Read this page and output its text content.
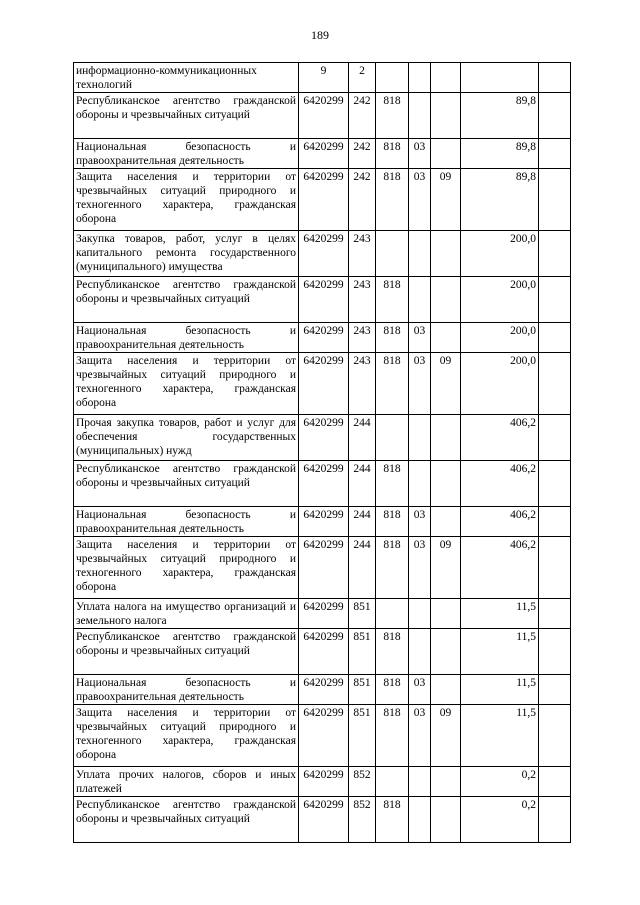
189
информационно-коммуникационных технологий	9	2					
Республиканское агентство гражданской обороны и чрезвычайных ситуаций	6420299	242	818			89,8	
Национальная безопасность и правоохранительная деятельность	6420299	242	818	03		89,8	
Защита населения и территории от чрезвычайных ситуаций природного и техногенного характера, гражданская оборона	6420299	242	818	03	09	89,8	
Закупка товаров, работ, услуг в целях капитального ремонта государственного (муниципального) имущества	6420299	243				200,0	
Республиканское агентство гражданской обороны и чрезвычайных ситуаций	6420299	243	818			200,0	
Национальная безопасность и правоохранительная деятельность	6420299	243	818	03		200,0	
Защита населения и территории от чрезвычайных ситуаций природного и техногенного характера, гражданская оборона	6420299	243	818	03	09	200,0	
Прочая закупка товаров, работ и услуг для обеспечения государственных (муниципальных) нужд	6420299	244				406,2	
Республиканское агентство гражданской обороны и чрезвычайных ситуаций	6420299	244	818			406,2	
Национальная безопасность и правоохранительная деятельность	6420299	244	818	03		406,2	
Защита населения и территории от чрезвычайных ситуаций природного и техногенного характера, гражданская оборона	6420299	244	818	03	09	406,2	
Уплата налога на имущество организаций и земельного налога	6420299	851				11,5	
Республиканское агентство гражданской обороны и чрезвычайных ситуаций	6420299	851	818			11,5	
Национальная безопасность и правоохранительная деятельность	6420299	851	818	03		11,5	
Защита населения и территории от чрезвычайных ситуаций природного и техногенного характера, гражданская оборона	6420299	851	818	03	09	11,5	
Уплата прочих налогов, сборов и иных платежей	6420299	852				0,2	
Республиканское агентство гражданской обороны и чрезвычайных ситуаций	6420299	852	818			0,2	
